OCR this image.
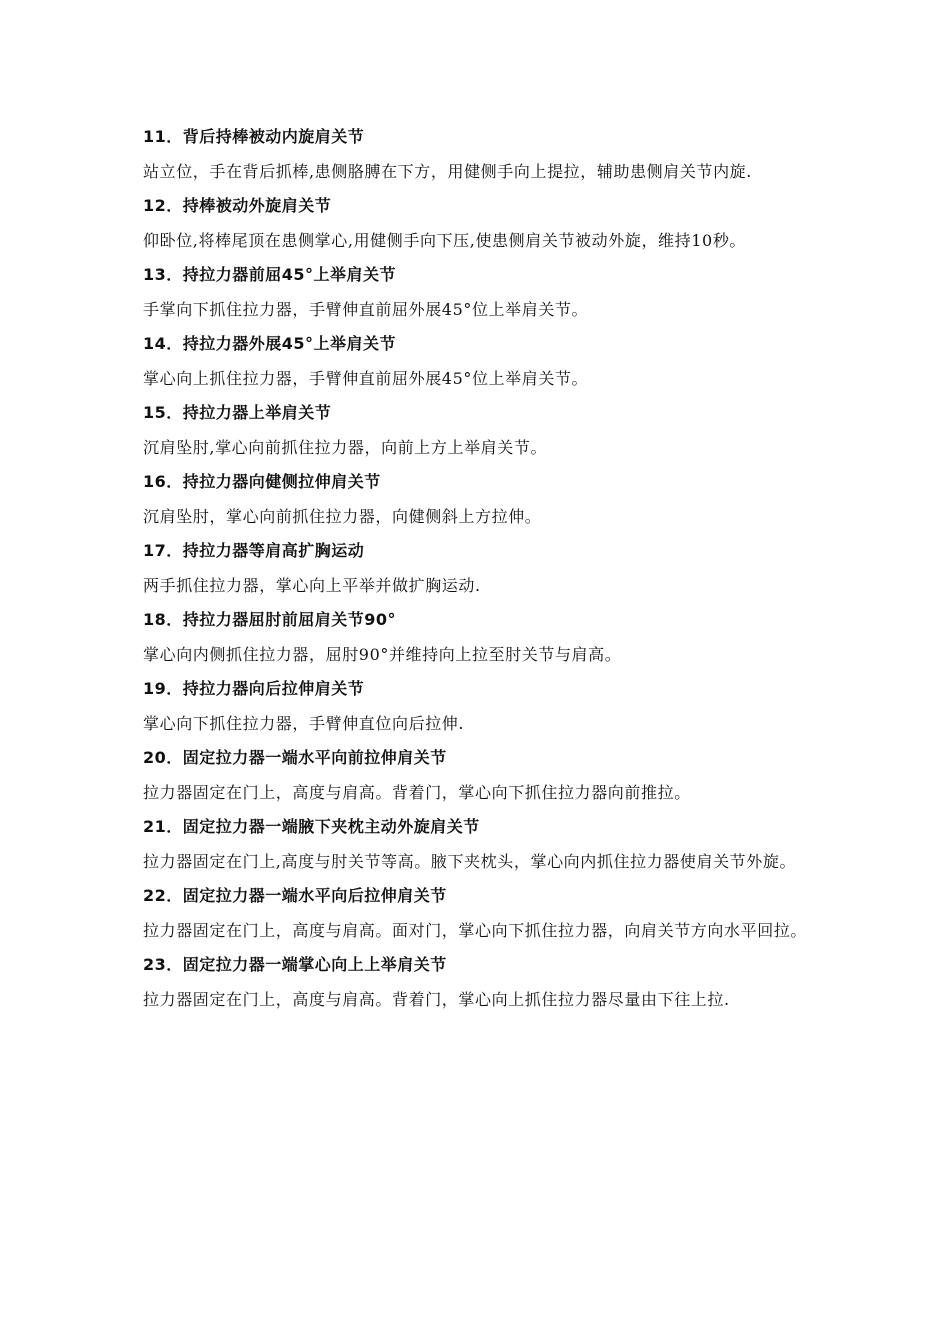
11．背后持棒被动内旋肩关节

站立位，手在背后抓棒,患侧胳膊在下方，用健侧手向上提拉，辅助患侧肩关节内旋.

12．持棒被动外旋肩关节

仰卧位,将棒尾顶在患侧掌心,用健侧手向下压,使患侧肩关节被动外旋，维持10秒。

13．持拉力器前屈45°上举肩关节

手掌向下抓住拉力器，手臂伸直前屈外展45°位上举肩关节。

14．持拉力器外展45°上举肩关节

掌心向上抓住拉力器，手臂伸直前屈外展45°位上举肩关节。

15．持拉力器上举肩关节

沉肩坠肘,掌心向前抓住拉力器，向前上方上举肩关节。

16．持拉力器向健侧拉伸肩关节

沉肩坠肘，掌心向前抓住拉力器，向健侧斜上方拉伸。

17．持拉力器等肩高扩胸运动

两手抓住拉力器，掌心向上平举并做扩胸运动.

18．持拉力器屈肘前屈肩关节90°

掌心向内侧抓住拉力器，屈肘90°并维持向上拉至肘关节与肩高。

19．持拉力器向后拉伸肩关节

掌心向下抓住拉力器，手臂伸直位向后拉伸.

20．固定拉力器一端水平向前拉伸肩关节

拉力器固定在门上，高度与肩高。背着门，掌心向下抓住拉力器向前推拉。

21．固定拉力器一端腋下夹枕主动外旋肩关节

拉力器固定在门上,高度与肘关节等高。腋下夹枕头，掌心向内抓住拉力器使肩关节外旋。

22．固定拉力器一端水平向后拉伸肩关节

拉力器固定在门上，高度与肩高。面对门，掌心向下抓住拉力器，向肩关节方向水平回拉。

23．固定拉力器一端掌心向上上举肩关节

拉力器固定在门上，高度与肩高。背着门，掌心向上抓住拉力器尽量由下往上拉.
